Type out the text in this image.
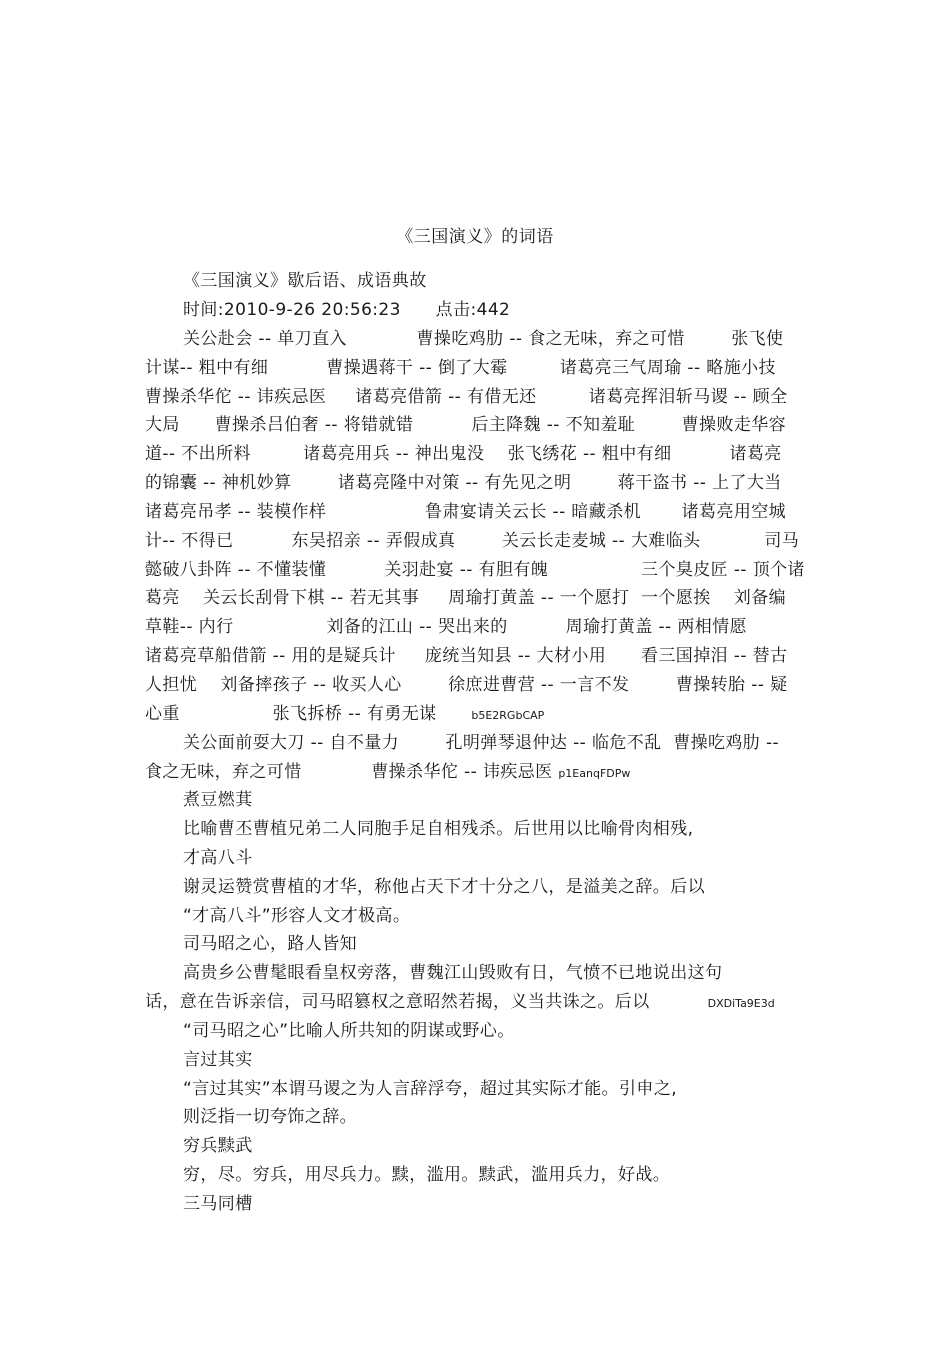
《三国演义》的词语
《三国演义》歇后语、成语典故
时间:2010-9-26 20:56:23      点击:442
关公赴会 -- 单刀直入            曹操吃鸡肋 -- 食之无味，弃之可惜        张飞使
计谋-- 粗中有细          曹操遇蒋干 -- 倒了大霉         诸葛亮三气周瑜 -- 略施小技
曹操杀华佗 -- 讳疾忌医     诸葛亮借箭 -- 有借无还         诸葛亮挥泪斩马谡 -- 顾全
大局      曹操杀吕伯奢 -- 将错就错          后主降魏 -- 不知羞耻        曹操败走华容
道-- 不出所料         诸葛亮用兵 -- 神出鬼没    张飞绣花 -- 粗中有细          诸葛亮
的锦囊 -- 神机妙算        诸葛亮隆中对策 -- 有先见之明        蒋干盗书 -- 上了大当
诸葛亮吊孝 -- 装模作样                 鲁肃宴请关云长 -- 暗藏杀机       诸葛亮用空城
计-- 不得已          东吴招亲 -- 弄假成真        关云长走麦城 -- 大难临头           司马
懿破八卦阵 -- 不懂装懂          关羽赴宴 -- 有胆有魄                三个臭皮匠 -- 顶个诸
葛亮    关云长刮骨下棋 -- 若无其事     周瑜打黄盖 -- 一个愿打  一个愿挨    刘备编
草鞋-- 内行                刘备的江山 -- 哭出来的          周瑜打黄盖 -- 两相情愿
诸葛亮草船借箭 -- 用的是疑兵计     庞统当知县 -- 大材小用      看三国掉泪 -- 替古
人担忧    刘备摔孩子 -- 收买人心        徐庶进曹营 -- 一言不发        曹操转胎 -- 疑
心重                张飞拆桥 -- 有勇无谋      b5E2RGbCAP
关公面前耍大刀 -- 自不量力        孔明弹琴退仲达 -- 临危不乱  曹操吃鸡肋 --
食之无味，弃之可惜            曹操杀华佗 -- 讳疾忌医 p1EanqFDPw
煮豆燃萁
比喻曹丕曹植兄弟二人同胞手足自相残杀。后世用以比喻骨肉相残,
才高八斗
谢灵运赞赏曹植的才华，称他占天下才十分之八，是溢美之辞。后以
“才高八斗”形容人文才极高。
司马昭之心，路人皆知
高贵乡公曹髦眼看皇权旁落，曹魏江山毁败有日，气愤不已地说出这句
话，意在告诉亲信，司马昭篡权之意昭然若揭，义当共诛之。后以          DXDiTa9E3d
“司马昭之心”比喻人所共知的阴谋或野心。
言过其实
“言过其实”本谓马谡之为人言辞浮夸，超过其实际才能。引申之,
则泛指一切夸饰之辞。
穷兵黩武
穷，尽。穷兵，用尽兵力。黩，滥用。黩武，滥用兵力，好战。
三马同槽
